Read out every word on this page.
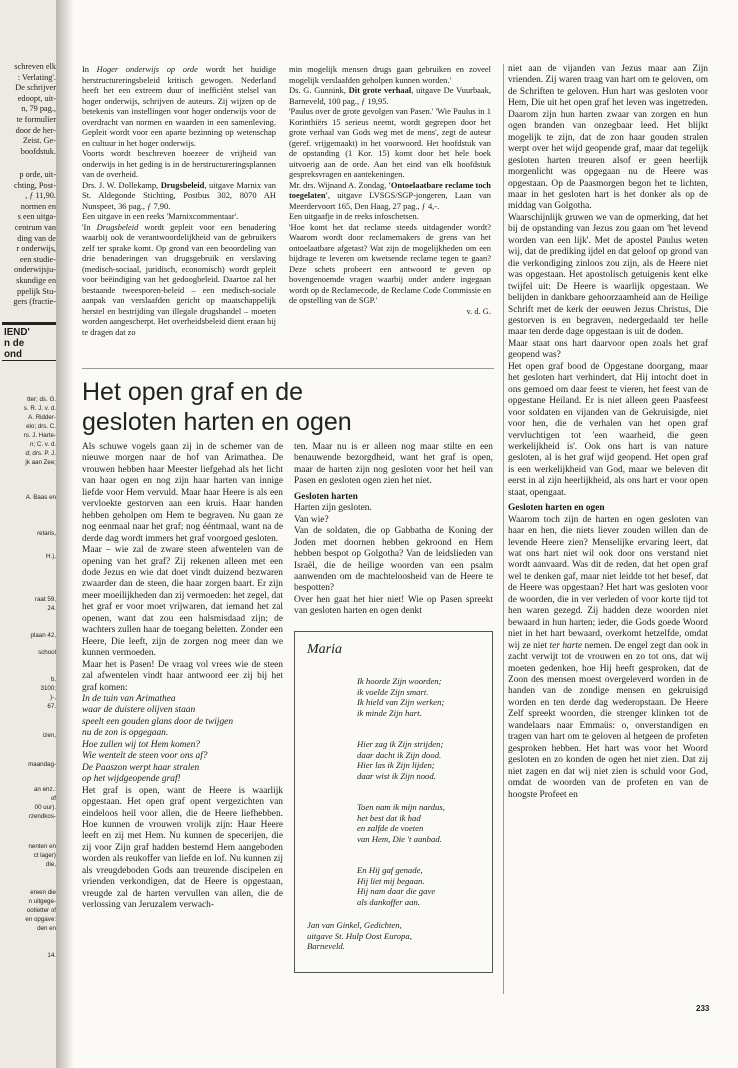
schreven elk
: Verlating'.
De schrijver
edoopt, uit-
n, 79 pag.,
te formulier
door de her-
Zeist. Ge-
boofdstuk.
p orde, uit-
chting, Post-
, ƒ 11,90.
normen en
s een uitga-
centrum van
ding van de
r onderwijs,
een studie-
onderwijsju-
skundige en
ppelijk Stu-
gers (fractie-
IEND'
n de
ond
tter; ds. G.
s. R. J. v. d.
A. Ridder-
elo; drs. C.
rs. J. Harte-
n; C. v. d.
d; drs. P. J.
jk aan Zee;
A. Baas en
retaris,
H.),
raat 59,
24.
plaan 42,
school
b,
3100;
)-,
67.
izen,
maandag-
an enz.:
of
00 uur).
rzendkos-
nenten en
ct lager)
die,
ereen die
n uitgege-
ootletter of
en opgave:
den en
14.

In Hoger onderwijs op orde wordt het huidige herstructureringsbeleid kritisch gewogen. Nederland heeft het een extreem duur of inefficiënt stelsel van hoger onderwijs, schrijven de auteurs. Zij wijzen op de betekenis van instellingen voor hoger onderwijs voor de overdracht van normen en waarden in een samenleving. Gepleit wordt voor een aparte bezinning op wetenschap en cultuur in het hoger onderwijs.

Voorts wordt beschreven hoezeer de vrijheid van onderwijs in het geding is in de herstructureringsplannen van de overheid.

Drs. J. W. Dollekamp, Drugsbeleid, uitgave Marnix van St. Aldegonde Stichting, Postbus 302, 8070 AH Nunspeet, 36 pag., ƒ 7,90.

Een uitgave in een reeks 'Marnixcommentaar'.

'In Drugsbeleid wordt gepleit voor een benadering waarbij ook de verantwoordelijkheid van de gebruikers zelf ter sprake komt. Op grond van een beoordeling van drie benaderingen van drugsgebruik en verslaving (medisch-sociaal, juridisch, economisch) wordt gepleit voor beëindiging van het gedoogbeleid. Daartoe zal het bestaande tweesporen-beleid – een medisch-sociale aanpak van verslaafden gericht op maatschappelijk herstel en bestrijding van illegale drugshandel – moeten worden aangescherpt. Het overheidsbeleid dient eraan bij te dragen dat zo

min mogelijk mensen drugs gaan gebruiken en zoveel mogelijk verslaafden geholpen kunnen worden.'

Ds. G. Gunnink, Dit grote verhaal, uitgave De Vuurbaak, Barneveld, 100 pag., ƒ 19,95.

'Paulus over de grote gevolgen van Pasen.' 'Wie Paulus in 1 Korinthiërs 15 serieus neemt, wordt gegrepen door het grote verhaal van Gods weg met de mens', zegt de auteur (geref. vrijgemaakt) in het voorwoord. Het hoofdstuk van de opstanding (1 Kor. 15) komt door het hele boek uitvoerig aan de orde. Aan het eind van elk hoofdstuk gespreksvragen en aantekeningen.

Mr. drs. Wijnand A. Zondag, 'Ontoelaatbare reclame toch toegelaten', uitgave LVSGS/SGP-jongeren, Laan van Meerdervoort 165, Den Haag, 27 pag., ƒ 4,-.

Een uitgaafje in de reeks infoschetsen.

'Hoe komt het dat reclame steeds uitdagender wordt? Waarom wordt door reclamemakers de grens van het ontoelaatbare afgetast? Wat zijn de mogelijkheden om een bijdrage te leveren om kwetsende reclame tegen te gaan? Deze schets probeert een antwoord te geven op bovengenoemde vragen waarbij onder andere ingegaan wordt op de Reclamecode, de Reclame Code Commissie en de opstelling van de SGP.'

v. d. G.

Het open graf en de
gesloten harten en ogen

Als schuwe vogels gaan zij in de schemer van de nieuwe morgen naar de hof van Arimathea. De vrouwen hebben haar Meester liefgehad als het licht van haar ogen en nog zijn haar harten van innige liefde voor Hem vervuld. Maar haar Heere is als een vervloekte gestorven aan een kruis. Haar handen hebben geholpen om Hem te begraven. Nu gaan ze nog eenmaal naar het graf; nog ééntmaal, want na de derde dag wordt immers het graf voorgoed gesloten.

Maar – wie zal de zware steen afwentelen van de opening van het graf? Zij rekenen alleen met een dode Jezus en wie dat doet vindt duizend bezwaren zwaarder dan de steen, die haar zorgen baart. Er zijn meer moeilijkheden dan zij vermoeden: het zegel, dat het graf er voor moet vrijwaren, dat iemand het zal openen, want dat zou een halsmisdaad zijn; de wachters zullen haar de toegang beletten. Zonder een Heere, Die leeft, zijn de zorgen nog meer dan we kunnen vermoeden.

Maar het is Pasen! De vraag vol vrees wie de steen zal afwentelen vindt haar antwoord eer zij bij het graf komen:

In de tuin van Arimathea
waar de duistere olijven staan
speelt een gouden glans door de twijgen
nu de zon is opgegaan.
Hoe zullen wij tot Hem komen?
Wie wentelt de steen voor ons af?
De Paaszon werpt haar stralen
op het wijdgeopende graf!

Het graf is open, want de Heere is waarlijk opgestaan. Het open graf opent vergezichten van eindeloos heil voor allen, die de Heere liefhebben. Hoe kunnen de vrouwen vrolijk zijn: Haar Heere leeft en zij met Hem. Nu kunnen de specerijen, die zij voor Zijn graf hadden bestemd Hem aangeboden worden als reukoffer van liefde en lof. Nu kunnen zij als vreugdeboden Gods aan treurende discipelen en vrienden verkondigen, dat de Heere is opgestaan, vreugde zal de harten vervullen van allen, die de verlossing van Jeruzalem verwach-

ten. Maar nu is er alleen nog maar stilte en een benauwende bezorgdheid, want het graf is open, maar de harten zijn nog gesloten voor het heil van Pasen en gesloten ogen zien het niet.

Gesloten harten

Harten zijn gesloten.

Van wie?

Van de soldaten, die op Gabbatha de Koning der Joden met doornen hebben gekroond en Hem hebben bespot op Golgotha? Van de leidslieden van Israël, die de heilige woorden van een psalm aanwenden om de machteloosheid van de Heere te bespotten?

Over hen gaat het hier niet! Wie op Pasen spreekt van gesloten harten en ogen denkt

Maria
Ik hoorde Zijn woorden;
ik voelde Zijn smart.
Ik hield van Zijn werken;
ik minde Zijn hart.
Hier zag ik Zijn strijden;
daar dacht ik Zijn dood.
Hier las ik Zijn lijden;
daar wist ik Zijn nood.
Toen nam ik mijn nardus,
het best dat ik had
en zalfde de voeten
van Hem, Die 't aanbad.
En Hij gaf genade,
Hij liet mij begaan.
Hij nam daar die gave
als dankoffer aan.
Jan van Ginkel, Gedichten,
uitgave St. Hulp Oost Europa,
Barneveld.

niet aan de vijanden van Jezus maar aan Zijn vrienden. Zij waren traag van hart om te geloven, om de Schriften te geloven. Hun hart was gesloten voor Hem, Die uit het open graf het leven was ingetreden. Daarom zijn hun harten zwaar van zorgen en hun ogen branden van onzegbaar leed. Het blijkt mogelijk te zijn, dat de zon haar gouden stralen werpt over het wijd geopende graf, maar dat tegelijk gesloten harten treuren alsof er geen heerlijk morgenlicht was opgegaan nu de Heere was opgestaan. Op de Paasmorgen begon het te lichten, maar in het gesloten hart is het donker als op de middag van Golgotha.

Waarschijnlijk gruwen we van de opmerking, dat het bij de opstanding van Jezus zou gaan om 'het levend worden van een lijk'. Met de apostel Paulus weten wij, dat de prediking ijdel en dat geloof op grond van die verkondiging zinloos zou zijn, als de Heere niet was opgestaan. Het apostolisch getuigenis kent elke twijfel uit: De Heere is waarlijk opgestaan. We belijden in dankbare gehoorzaamheid aan de Heilige Schrift met de kerk der eeuwen Jezus Christus, Die gestorven is en begraven, nedergedaald ter helle maar ten derde dage opgestaan is uit de doden.

Maar staat ons hart daarvoor open zoals het graf geopend was?

Het open graf bood de Opgestane doorgang, maar het gesloten hart verhindert, dat Hij intocht doet in ons gemoed om daar feest te vieren, het feest van de opgestane Heiland. Er is niet alleen geen Paasfeest voor soldaten en vijanden van de Gekruisigde, niet voor hen, die de verhalen van het open graf vervluchtigen tot 'een waarheid, die geen werkelijkheid is'. Ook ons hart is van nature gesloten, al is het graf wijd geopend. Het open graf is een werkelijkheid van God, maar we beleven dit eerst in al zijn heerlijkheid, als ons hart er voor open staat, opengaat.

Gesloten harten en ogen

Waarom toch zijn de harten en ogen gesloten van haar en hen, die niets liever zouden willen dan de levende Heere zien? Menselijke ervaring leert, dat wat ons hart niet wil ook door ons verstand niet wordt aanvaard. Was dit de reden, dat het open graf wel te denken gaf, maar niet leidde tot het besef, dat de Heere was opgestaan? Het hart was gesloten voor de woorden, die in ver verleden of voor korte tijd tot hen waren gezegd. Zij hadden deze woorden niet bewaard in hun harten; ieder, die Gods goede Woord niet in het hart bewaard, overkomt hetzelfde, omdat wij ze niet ter harte nemen. De engel zegt dan ook in zacht verwijt tot de vrouwen en zo tot ons, dat wij moeten gedenken, hoe Hij heeft gesproken, dat de Zoon des mensen moest overgeleverd worden in de handen van de zondige mensen en gekruisigd worden en ten derde dag wederopstaan. De Heere Zelf spreekt woorden, die strenger klinken tot de wandelaars naar Emmaüs: o, onverstandigen en tragen van hart om te geloven al hetgeen de profeten gesproken hebben. Het hart was voor het Woord gesloten en zo konden de ogen het niet zien. Dat zij niet zagen en dat wij niet zien is schuld voor God, omdat de woorden van de profeten en van de hoogste Profeet en

233
